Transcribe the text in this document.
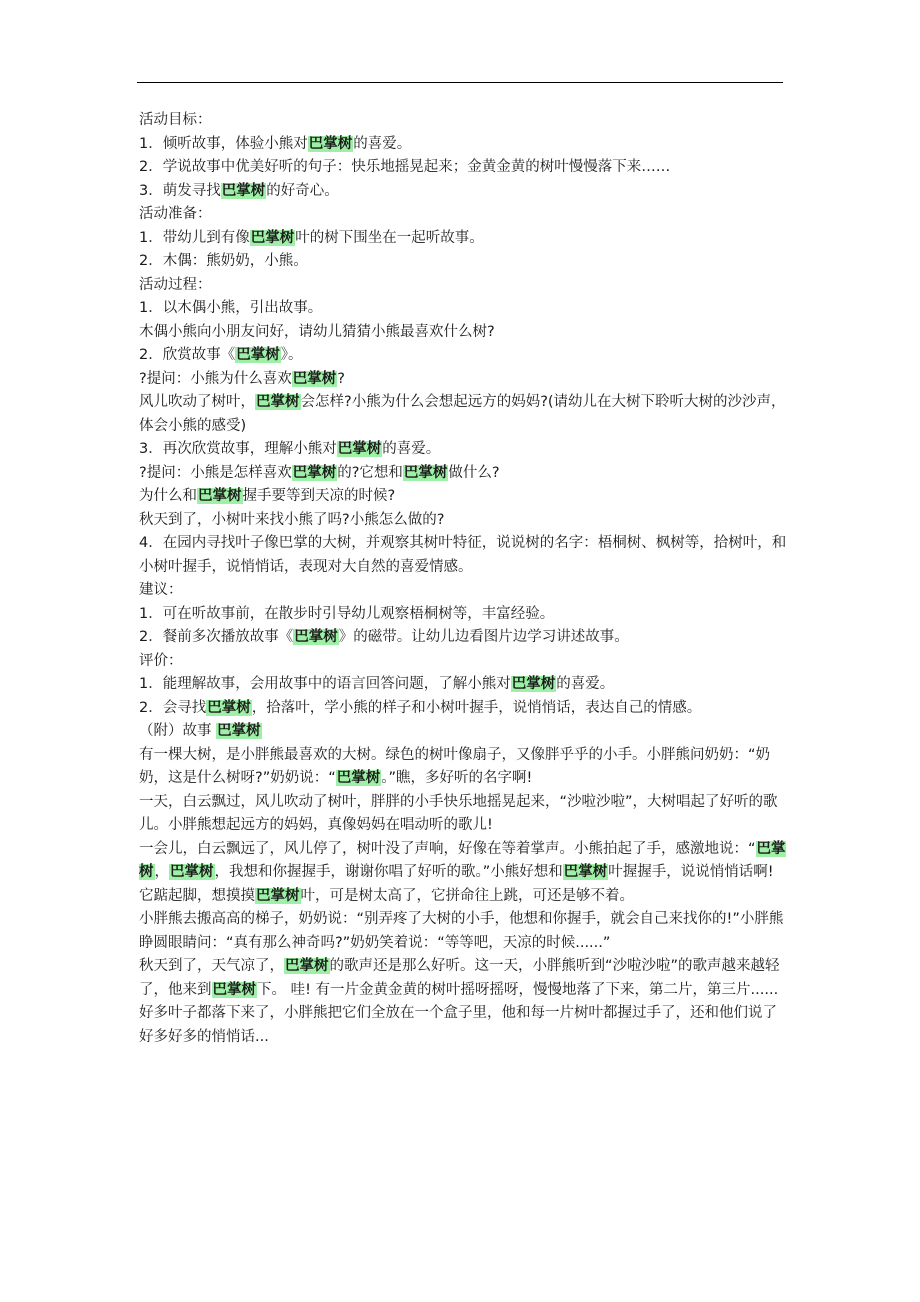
活动目标：
1．倾听故事，体验小熊对巴掌树的喜爱。
2．学说故事中优美好听的句子：快乐地摇晃起来；金黄金黄的树叶慢慢落下来……
3．萌发寻找巴掌树的好奇心。
活动准备：
1．带幼儿到有像巴掌树叶的树下围坐在一起听故事。
2．木偶：熊奶奶，小熊。
活动过程：
1．以木偶小熊，引出故事。
木偶小熊向小朋友问好，请幼儿猜猜小熊最喜欢什么树?
2．欣赏故事《巴掌树》。
?提问：小熊为什么喜欢巴掌树?
风儿吹动了树叶，巴掌树会怎样?小熊为什么会想起远方的妈妈?(请幼儿在大树下聆听大树的沙沙声，体会小熊的感受)
3．再次欣赏故事，理解小熊对巴掌树的喜爱。
?提问：小熊是怎样喜欢巴掌树的?它想和巴掌树做什么?
为什么和巴掌树握手要等到天凉的时候?
秋天到了，小树叶来找小熊了吗?小熊怎么做的?
4．在园内寻找叶子像巴掌的大树，并观察其树叶特征，说说树的名字：梧桐树、枫树等，拾树叶，和小树叶握手，说悄悄话，表现对大自然的喜爱情感。
建议：
1．可在听故事前，在散步时引导幼儿观察梧桐树等，丰富经验。
2．餐前多次播放故事《巴掌树》的磁带。让幼儿边看图片边学习讲述故事。
评价：
1．能理解故事，会用故事中的语言回答问题，了解小熊对巴掌树的喜爱。
2．会寻找巴掌树，拾落叶，学小熊的样子和小树叶握手，说悄悄话，表达自己的情感。
（附）故事 巴掌树
有一棵大树，是小胖熊最喜欢的大树。绿色的树叶像扇子，又像胖乎乎的小手。小胖熊问奶奶：“奶奶，这是什么树呀?”奶奶说：“巴掌树。”瞧，多好听的名字啊!
一天，白云飘过，风儿吹动了树叶，胖胖的小手快乐地摇晃起来，“沙啦沙啦”，大树唱起了好听的歌儿。小胖熊想起远方的妈妈，真像妈妈在唱动听的歌儿!
一会儿，白云飘远了，风儿停了，树叶没了声响，好像在等着掌声。小熊拍起了手，感激地说：“巴掌树，巴掌树，我想和你握握手，谢谢你唱了好听的歌。”小熊好想和巴掌树叶握握手，说说悄悄话啊! 它踮起脚，想摸摸巴掌树叶，可是树太高了，它拼命往上跳，可还是够不着。
小胖熊去搬高高的梯子，奶奶说：“别弄疼了大树的小手，他想和你握手，就会自己来找你的!”小胖熊睁圆眼睛问：“真有那么神奇吗?”奶奶笑着说：“等等吧，天凉的时候......”
秋天到了，天气凉了，巴掌树的歌声还是那么好听。这一天，小胖熊听到“沙啦沙啦”的歌声越来越轻了，他来到巴掌树下。 哇! 有一片金黄金黄的树叶摇呀摇呀，慢慢地落了下来，第二片，第三片......好多叶子都落下来了，小胖熊把它们全放在一个盒子里，他和每一片树叶都握过手了，还和他们说了好多好多的悄悄话...
